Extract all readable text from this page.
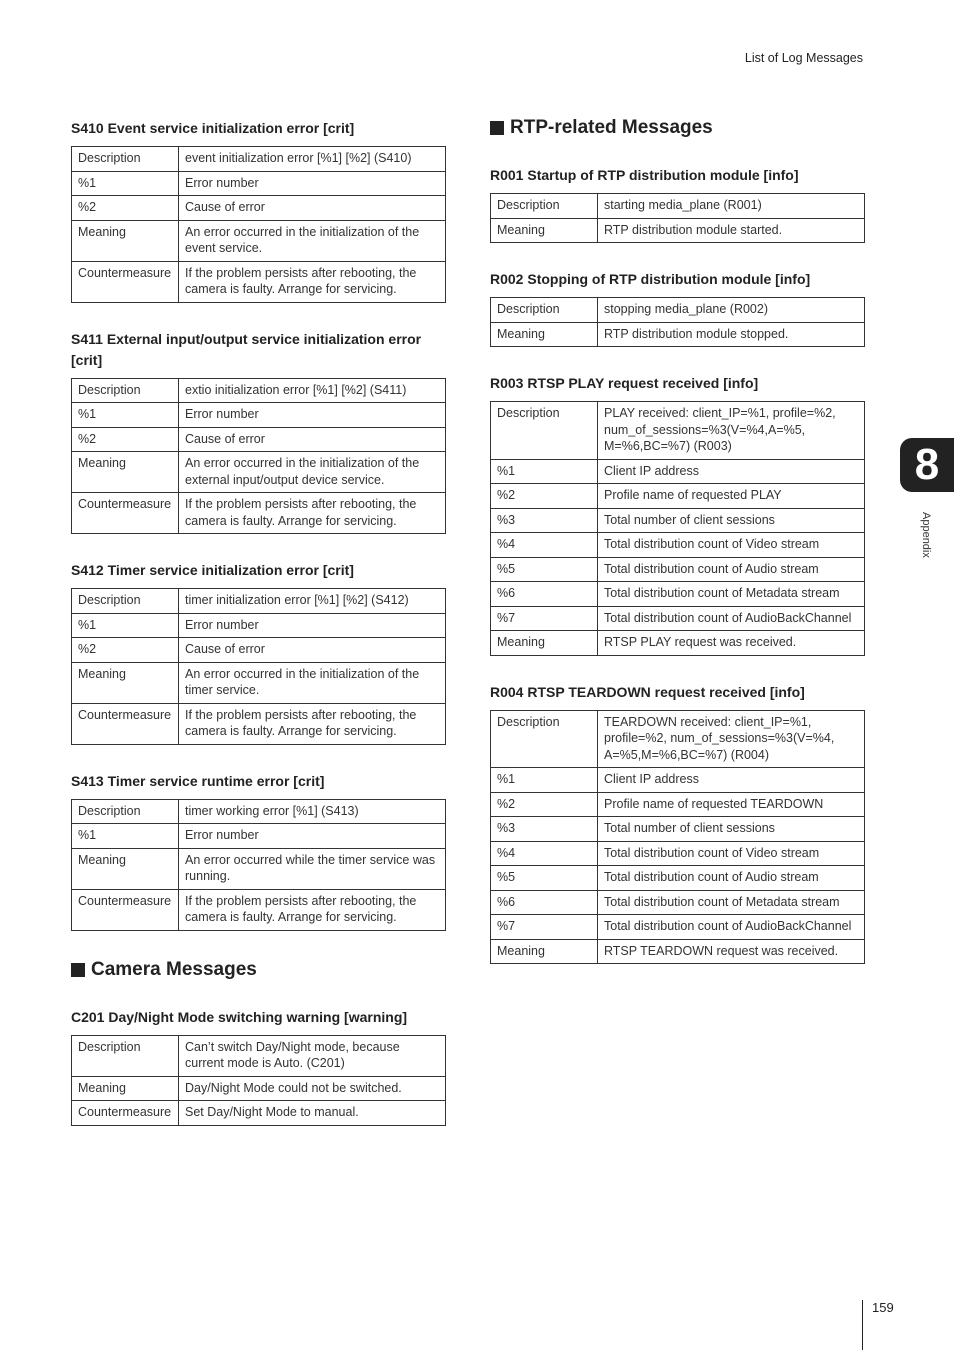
List of Log Messages
S410 Event service initialization error [crit]
Description	event initialization error [%1] [%2] (S410)
%1	Error number
%2	Cause of error
Meaning	An error occurred in the initialization of the event service.
Countermeasure	If the problem persists after rebooting, the camera is faulty. Arrange for servicing.
S411 External input/output service initialization error [crit]
Description	extio initialization error [%1] [%2] (S411)
%1	Error number
%2	Cause of error
Meaning	An error occurred in the initialization of the external input/output device service.
Countermeasure	If the problem persists after rebooting, the camera is faulty. Arrange for servicing.
S412 Timer service initialization error [crit]
Description	timer initialization error [%1] [%2] (S412)
%1	Error number
%2	Cause of error
Meaning	An error occurred in the initialization of the timer service.
Countermeasure	If the problem persists after rebooting, the camera is faulty. Arrange for servicing.
S413 Timer service runtime error [crit]
Description	timer working error [%1] (S413)
%1	Error number
Meaning	An error occurred while the timer service was running.
Countermeasure	If the problem persists after rebooting, the camera is faulty. Arrange for servicing.
Camera Messages
C201 Day/Night Mode switching warning [warning]
Description	Can’t switch Day/Night mode, because current mode is Auto. (C201)
Meaning	Day/Night Mode could not be switched.
Countermeasure	Set Day/Night Mode to manual.
RTP-related Messages
R001 Startup of RTP distribution module [info]
Description	starting media_plane (R001)
Meaning	RTP distribution module started.
R002 Stopping of RTP distribution module [info]
Description	stopping media_plane (R002)
Meaning	RTP distribution module stopped.
R003 RTSP PLAY request received [info]
Description	PLAY received: client_IP=%1, profile=%2, num_of_sessions=%3(V=%4,A=%5, M=%6,BC=%7) (R003)
%1	Client IP address
%2	Profile name of requested PLAY
%3	Total number of client sessions
%4	Total distribution count of Video stream
%5	Total distribution count of Audio stream
%6	Total distribution count of Metadata stream
%7	Total distribution count of AudioBackChannel
Meaning	RTSP PLAY request was received.
R004 RTSP TEARDOWN request received [info]
Description	TEARDOWN received: client_IP=%1, profile=%2, num_of_sessions=%3(V=%4, A=%5,M=%6,BC=%7) (R004)
%1	Client IP address
%2	Profile name of requested TEARDOWN
%3	Total number of client sessions
%4	Total distribution count of Video stream
%5	Total distribution count of Audio stream
%6	Total distribution count of Metadata stream
%7	Total distribution count of AudioBackChannel
Meaning	RTSP TEARDOWN request was received.
8
Appendix
159
